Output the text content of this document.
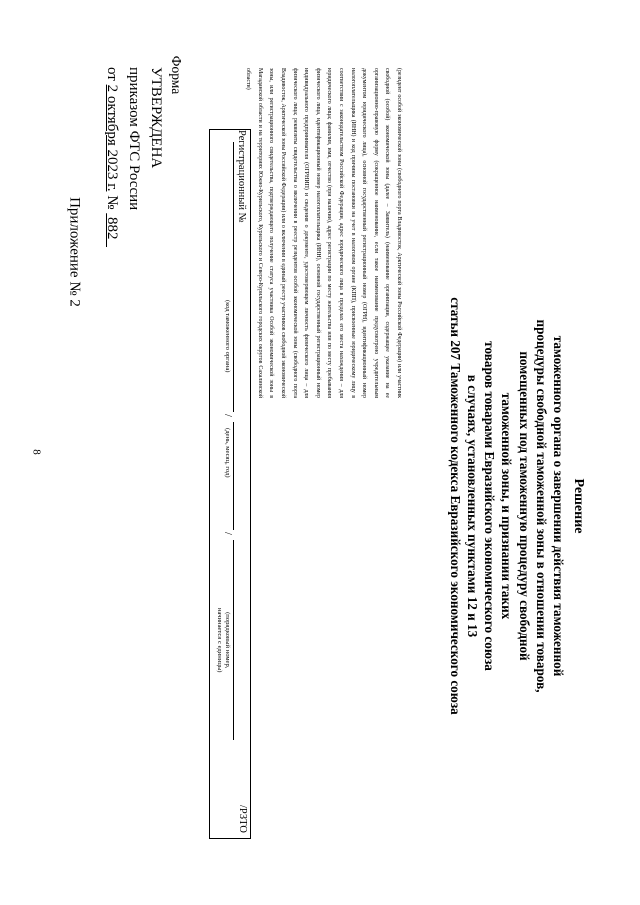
8
Регистрационный №
/
/
/РЗТО
(код таможенного органа)
(день, месяц, год)
(порядковый номер,
начинается с единицы)
Приложение № 2
УТВЕРЖДЕНА
приказом ФТС России
от 2 октября 2023 г. №  882
Форма	(резидент особой экономической зоны (свободного порта Владивосток, Арктической зоны Российской Федерации) или участник свободной (особой) экономической зоны (далее – Заявитель) (наименование организации, содержащее указание на ее организационно-правовую форму (сокращенное наименование, если такое наименование предусмотрено учредительным документом юридического лица), основной государственный регистрационный номер (ОГРН), идентификационный номер налогоплательщика (ИНН) и код причины постановки на учет в налоговом органе (КПП), присвоенные юридическому лицу в соответствии с законодательством Российской Федерации, адрес юридического лица в пределах его места нахождения – для юридического лица; фамилия, имя, отчество (при наличии), адрес регистрации по месту жительства или по месту пребывания физического лица, идентификационный номер налогоплательщика (ИНН), основной государственный регистрационный номер индивидуального предпринимателя (ОГРНИП) и сведения о документе, удостоверяющем личность физического лица – для физического лица; реквизиты свидетельства о включении в реестр резидентов особой экономической зоны (свободного порта Владивосток, Арктической зоны Российской Федерации) или о включении в единый реестр участников свободной экономической зоны, или регистрационного свидетельства, подтверждающего получение статуса участника Особой экономической зоны в Магаданской области и на территориях Южно-Курильского, Курильского и Северо-Курильского городских округов Сахалинской области)
Решение
таможенного органа о завершении действия таможенной
процедуры свободной таможенной зоны в отношении товаров,
помещенных под таможенную процедуру свободной
таможенной зоны, и признании таких
товаров товарами Евразийского экономического союза
в случаях, установленных пунктами 12 и 13
статьи 207 Таможенного кодекса Евразийского экономического союза
